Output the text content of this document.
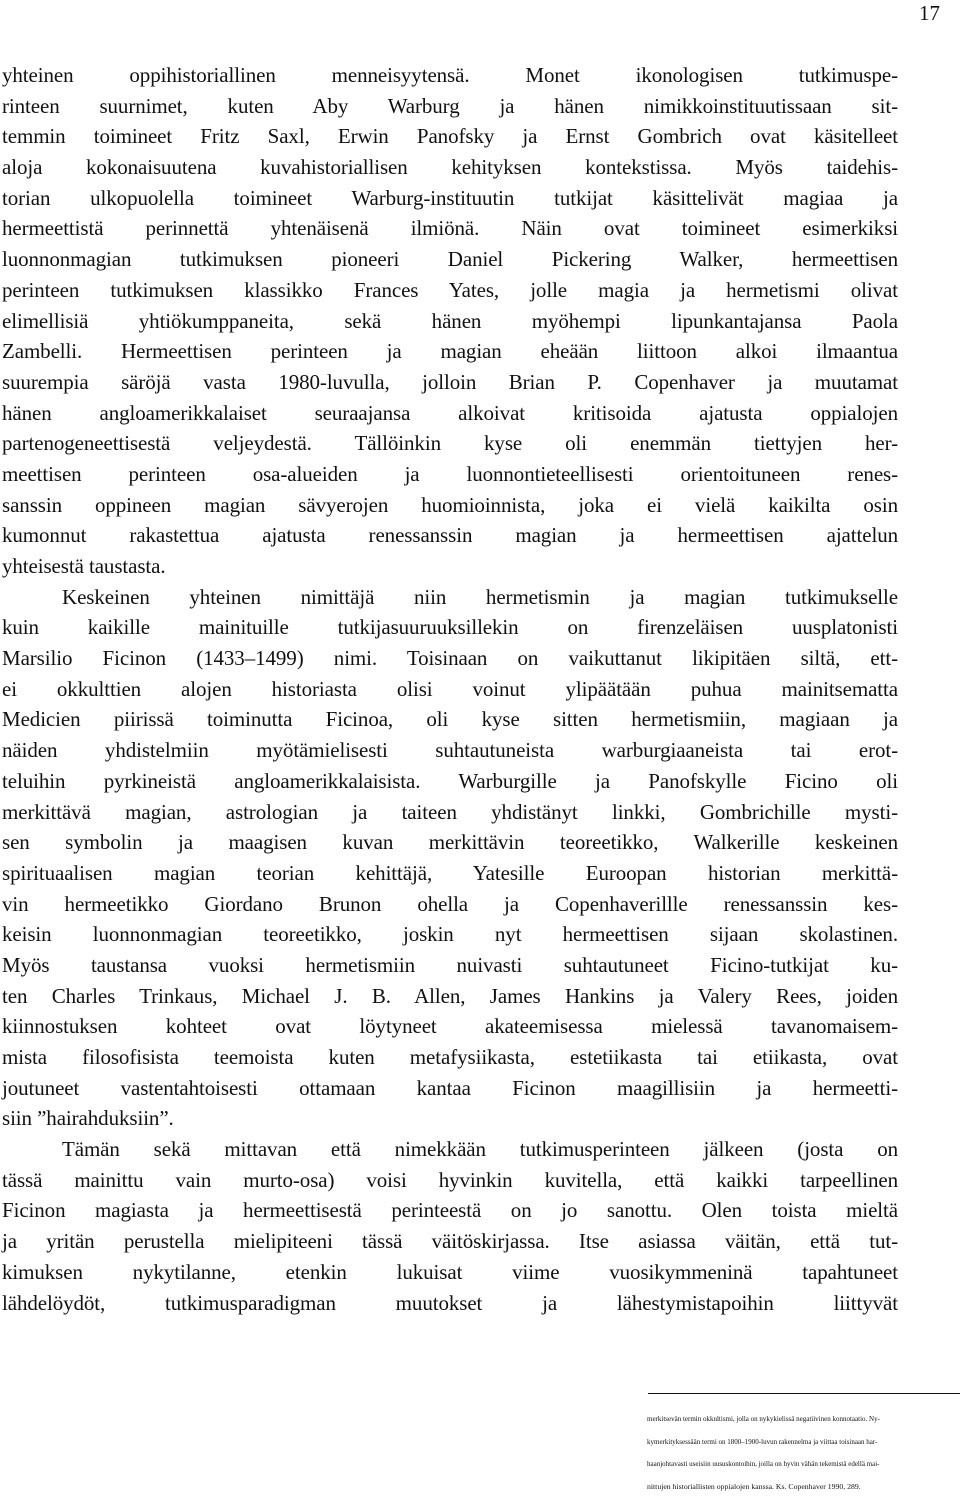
17
yhteinen oppihistoriallinen menneisyytensä. Monet ikonologisen tutkimuspe-
rinteen suurnimet, kuten Aby Warburg ja hänen nimikkoinstituutissaan sit-
temmin toimineet Fritz Saxl, Erwin Panofsky ja Ernst Gombrich ovat käsitelleet
aloja kokonaisuutena kuvahistoriallisen kehityksen kontekstissa. Myös taidehis-
torian ulkopuolella toimineet Warburg-instituutin tutkijat käsittelivät magiaa ja
hermeettistä perinnettä yhtenäisenä ilmiönä. Näin ovat toimineet esimerkiksi
luonnonmagian tutkimuksen pioneeri Daniel Pickering Walker, hermeettisen
perinteen tutkimuksen klassikko Frances Yates, jolle magia ja hermetismi olivat
elimellisiä yhtiökumppaneita, sekä hänen myöhempi lipunkantajansa Paola
Zambelli. Hermeettisen perinteen ja magian eheään liittoon alkoi ilmaantua
suurempia säröjä vasta 1980-luvulla, jolloin Brian P. Copenhaver ja muutamat
hänen angloamerikkalaiset seuraajansa alkoivat kritisoida ajatusta oppialojen
partenogeneettisestä veljeydestä. Tällöinkin kyse oli enemmän tiettyjen her-
meettisen perinteen osa-alueiden ja luonnontieteellisesti orientoituneen renes-
sanssin oppineen magian sävyerojen huomioinnista, joka ei vielä kaikilta osin
kumonnut rakastettua ajatusta renessanssin magian ja hermeettisen ajattelun
yhteisestä taustasta.
Keskeinen yhteinen nimittäjä niin hermetismin ja magian tutkimukselle
kuin kaikille mainituille tutkijasuuruuksillekin on firenzeläisen uusplatonisti
Marsilio Ficinon (1433–1499) nimi. Toisinaan on vaikuttanut likipitäen siltä, ett-
ei okkulttien alojen historiasta olisi voinut ylipäätään puhua mainitsematta
Medicien piirissä toiminutta Ficinoa, oli kyse sitten hermetismiin, magiaan ja
näiden yhdistelmiin myötämielisesti suhtautuneista warburgiaaneista tai erot-
teluihin pyrkineistä angloamerikkalaisista. Warburgille ja Panofskylle Ficino oli
merkittävä magian, astrologian ja taiteen yhdistänyt linkki, Gombrichille mysti-
sen symbolin ja maagisen kuvan merkittävin teoreetikko, Walkerille keskeinen
spirituaalisen magian teorian kehittäjä, Yatesille Euroopan historian merkittä-
vin hermeetikko Giordano Brunon ohella ja Copenhaverillle renessanssin kes-
keisin luonnonmagian teoreetikko, joskin nyt hermeettisen sijaan skolastinen.
Myös taustansa vuoksi hermetismiin nuivasti suhtautuneet Ficino-tutkijat ku-
ten Charles Trinkaus, Michael J. B. Allen, James Hankins ja Valery Rees, joiden
kiinnostuksen kohteet ovat löytyneet akateemisessa mielessä tavanomaisem-
mista filosofisista teemoista kuten metafysiikasta, estetiikasta tai etiikasta, ovat
joutuneet vastentahtoisesti ottamaan kantaa Ficinon maagillisiin ja hermeetti-
siin ”hairahduksiin”.
Tämän sekä mittavan että nimekkään tutkimusperinteen jälkeen (josta on
tässä mainittu vain murto-osa) voisi hyvinkin kuvitella, että kaikki tarpeellinen
Ficinon magiasta ja hermeettisestä perinteestä on jo sanottu. Olen toista mieltä
ja yritän perustella mielipiteeni tässä väitöskirjassa. Itse asiassa väitän, että tut-
kimuksen nykytilanne, etenkin lukuisat viime vuosikymmeninä tapahtuneet
lähdelöydöt, tutkimusparadigman muutokset ja lähestymistapoihin liittyvät
merkitsevän termin okkultismi, jolla on nykykielissä negatiivinen konnotaatio. Ny-
kymerkityksessään termi on 1800–1900-luvun rakennelma ja viittaa toisinaan har-
haanjohtavasti useisiin uususkontoihin, joilla on hyvin vähän tekemistä edellä mai-
nittujen historiallisten oppialojen kanssa. Ks. Copenhaver 1990, 289.
